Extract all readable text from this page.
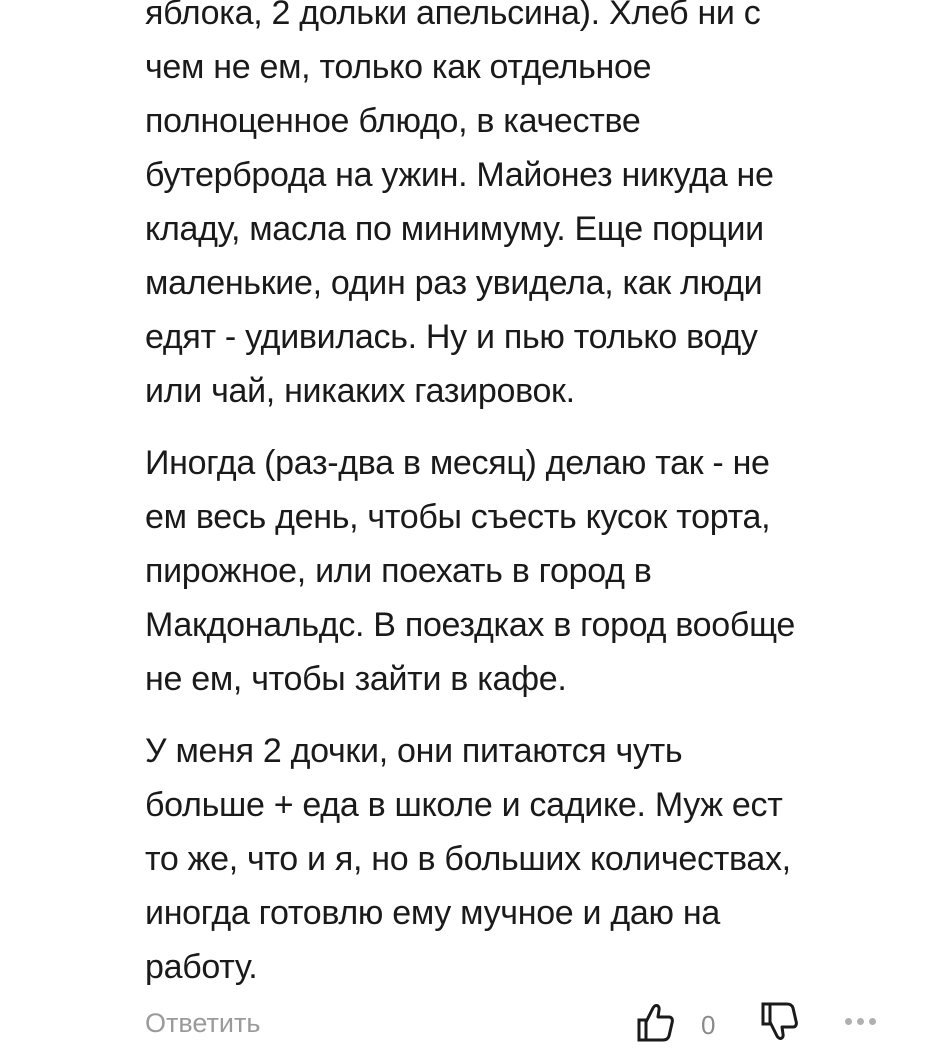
яблока, 2 дольки апельсина). Хлеб ни с
чем не ем, только как отдельное
полноценное блюдо, в качестве
бутерброда на ужин. Майонез никуда не
кладу, масла по минимуму. Еще порции
маленькие, один раз увидела, как люди
едят - удивилась. Ну и пью только воду
или чай, никаких газировок.

Иногда (раз-два в месяц) делаю так - не
ем весь день, чтобы съесть кусок торта,
пирожное, или поехать в город в
Макдональдс. В поездках в город вообще
не ем, чтобы зайти в кафе.

У меня 2 дочки, они питаются чуть
больше + еда в школе и садике. Муж ест
то же, что и я, но в больших количествах,
иногда готовлю ему мучное и даю на
работу.

Ответить	0
